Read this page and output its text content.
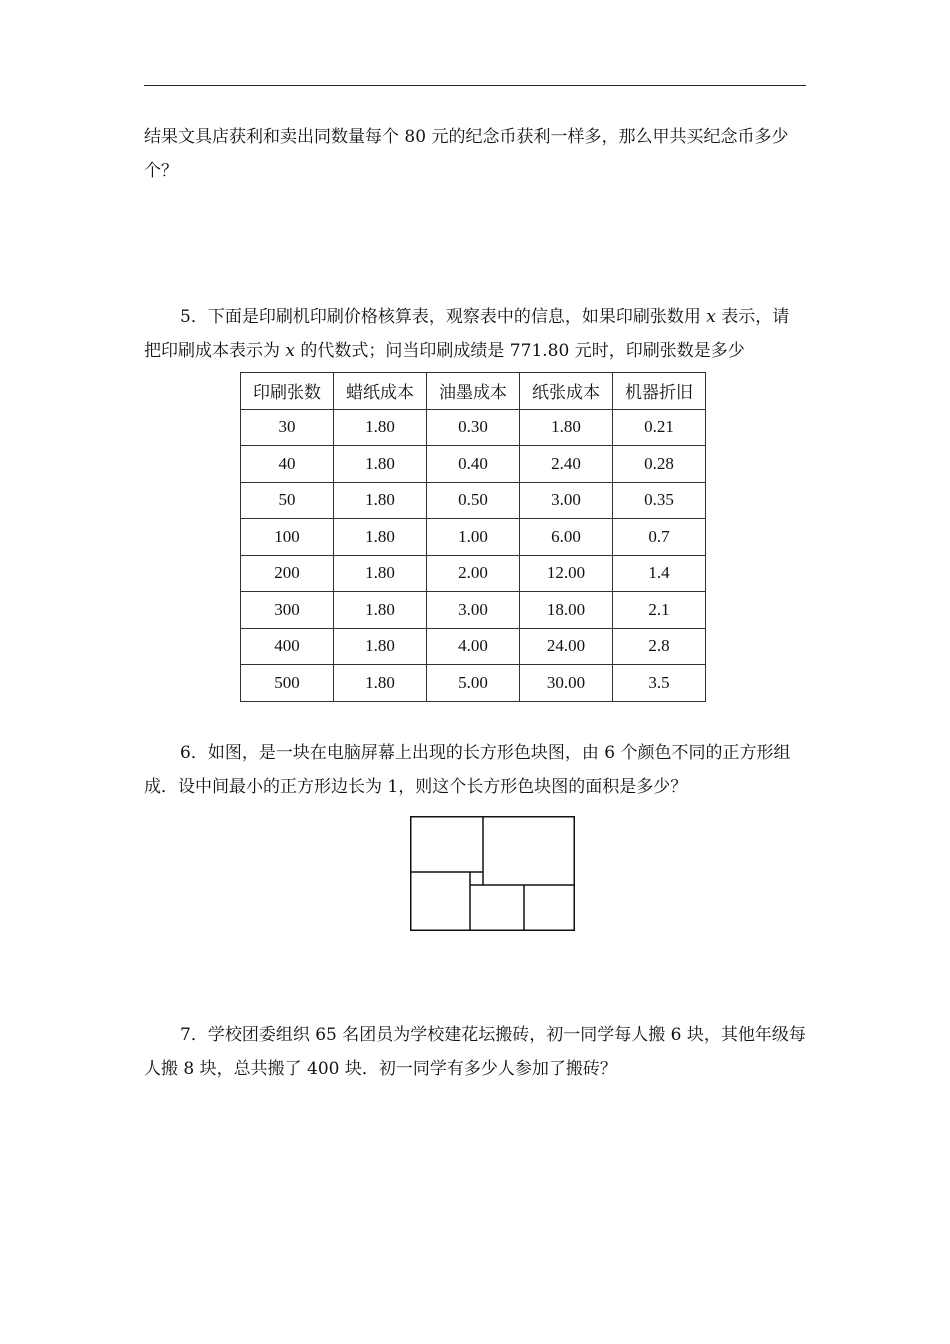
结果文具店获利和卖出同数量每个 80 元的纪念币获利一样多，那么甲共买纪念币多少个？

5．下面是印刷机印刷价格核算表，观察表中的信息，如果印刷张数用 x 表示，请把印刷成本表示为 x 的代数式；问当印刷成绩是 771.80 元时，印刷张数是多少

印刷张数	蜡纸成本	油墨成本	纸张成本	机器折旧
30	1.80	0.30	1.80	0.21
40	1.80	0.40	2.40	0.28
50	1.80	0.50	3.00	0.35
100	1.80	1.00	6.00	0.7
200	1.80	2.00	12.00	1.4
300	1.80	3.00	18.00	2.1
400	1.80	4.00	24.00	2.8
500	1.80	5.00	30.00	3.5

6．如图，是一块在电脑屏幕上出现的长方形色块图，由 6 个颜色不同的正方形组成．设中间最小的正方形边长为 1，则这个长方形色块图的面积是多少？

7．学校团委组织 65 名团员为学校建花坛搬砖，初一同学每人搬 6 块，其他年级每人搬 8 块，总共搬了 400 块．初一同学有多少人参加了搬砖？
